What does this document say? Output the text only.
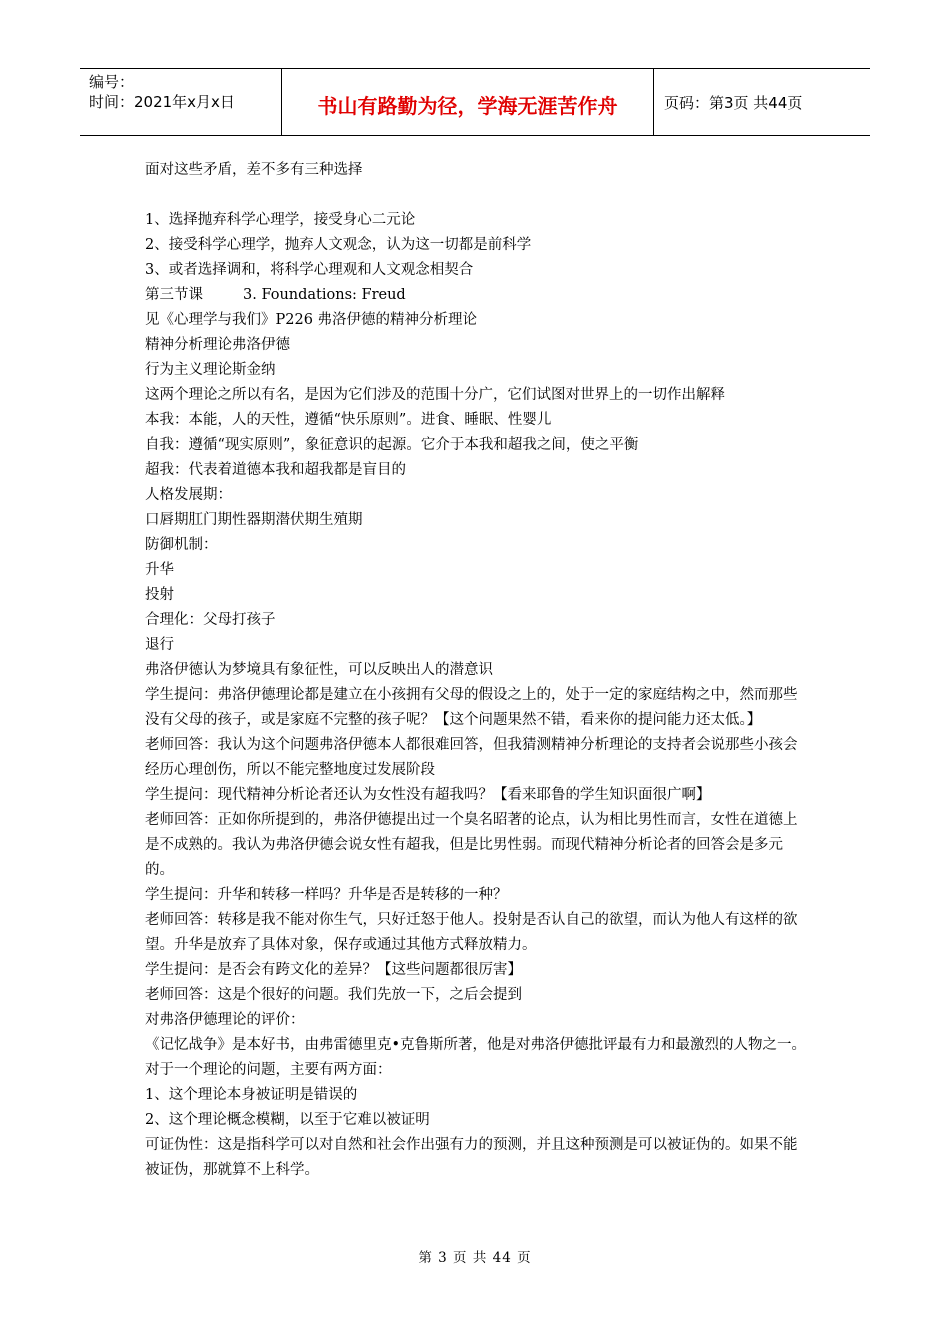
编号：
时间：2021年x月x日	书山有路勤为径，学海无涯苦作舟	页码：第3页 共44页

面对这些矛盾，差不多有三种选择

1、选择抛弃科学心理学，接受身心二元论

2、接受科学心理学，抛弃人文观念，认为这一切都是前科学

3、或者选择调和，将科学心理观和人文观念相契合

第三节课	3. Foundations: Freud

见《心理学与我们》P226 弗洛伊德的精神分析理论

精神分析理论弗洛伊德

行为主义理论斯金纳

这两个理论之所以有名，是因为它们涉及的范围十分广，它们试图对世界上的一切作出解释

本我：本能，人的天性，遵循“快乐原则”。进食、睡眠、性婴儿

自我：遵循“现实原则”，象征意识的起源。它介于本我和超我之间，使之平衡

超我：代表着道德本我和超我都是盲目的

人格发展期：

口唇期肛门期性器期潜伏期生殖期

防御机制：

升华

投射

合理化：父母打孩子

退行

弗洛伊德认为梦境具有象征性，可以反映出人的潜意识

学生提问：弗洛伊德理论都是建立在小孩拥有父母的假设之上的，处于一定的家庭结构之中，然而那些没有父母的孩子，或是家庭不完整的孩子呢？【这个问题果然不错，看来你的提问能力还太低。】

老师回答：我认为这个问题弗洛伊德本人都很难回答，但我猜测精神分析理论的支持者会说那些小孩会经历心理创伤，所以不能完整地度过发展阶段

学生提问：现代精神分析论者还认为女性没有超我吗？【看来耶鲁的学生知识面很广啊】

老师回答：正如你所提到的，弗洛伊德提出过一个臭名昭著的论点，认为相比男性而言，女性在道德上是不成熟的。我认为弗洛伊德会说女性有超我，但是比男性弱。而现代精神分析论者的回答会是多元的。

学生提问：升华和转移一样吗？升华是否是转移的一种？

老师回答：转移是我不能对你生气，只好迁怒于他人。投射是否认自己的欲望，而认为他人有这样的欲望。升华是放弃了具体对象，保存或通过其他方式释放精力。

学生提问：是否会有跨文化的差异？【这些问题都很厉害】

老师回答：这是个很好的问题。我们先放一下，之后会提到

对弗洛伊德理论的评价：

《记忆战争》是本好书，由弗雷德里克•克鲁斯所著，他是对弗洛伊德批评最有力和最激烈的人物之一。

对于一个理论的问题，主要有两方面：

1、这个理论本身被证明是错误的

2、这个理论概念模糊，以至于它难以被证明

可证伪性：这是指科学可以对自然和社会作出强有力的预测，并且这种预测是可以被证伪的。如果不能被证伪，那就算不上科学。

第 3 页 共 44 页
